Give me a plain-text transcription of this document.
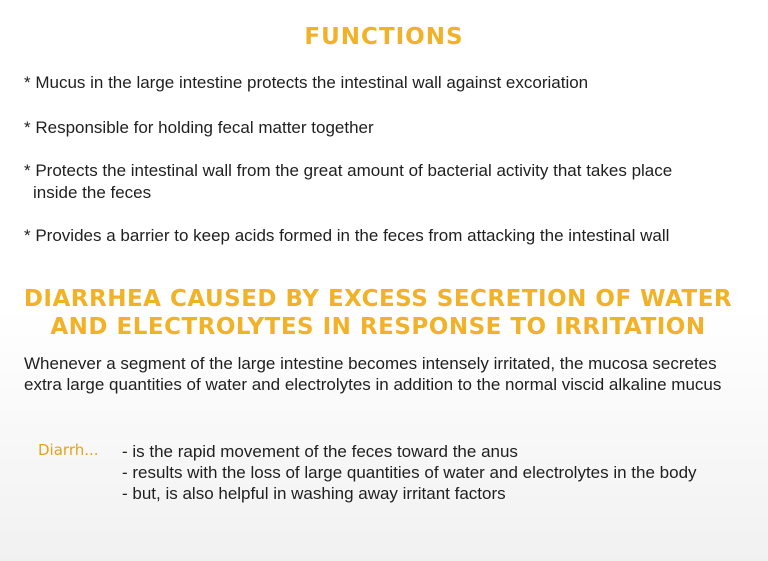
FUNCTIONS
* Mucus in the large intestine protects the intestinal wall against excoriation
* Responsible for holding fecal matter together
* Protects the intestinal wall from the great amount of bacterial activity that takes place
inside the feces
* Provides a barrier to keep acids formed in the feces from attacking the intestinal wall
DIARRHEA CAUSED BY EXCESS SECRETION OF WATER
AND ELECTROLYTES IN RESPONSE TO IRRITATION
Whenever a segment of the large intestine becomes intensely irritated, the mucosa secretes extra large quantities of water and electrolytes in addition to the normal viscid alkaline mucus
Diarrh... - is the rapid movement of the feces toward the anus
- results with the loss of large quantities of water and electrolytes in the body
- but, is also helpful in washing away irritant factors
